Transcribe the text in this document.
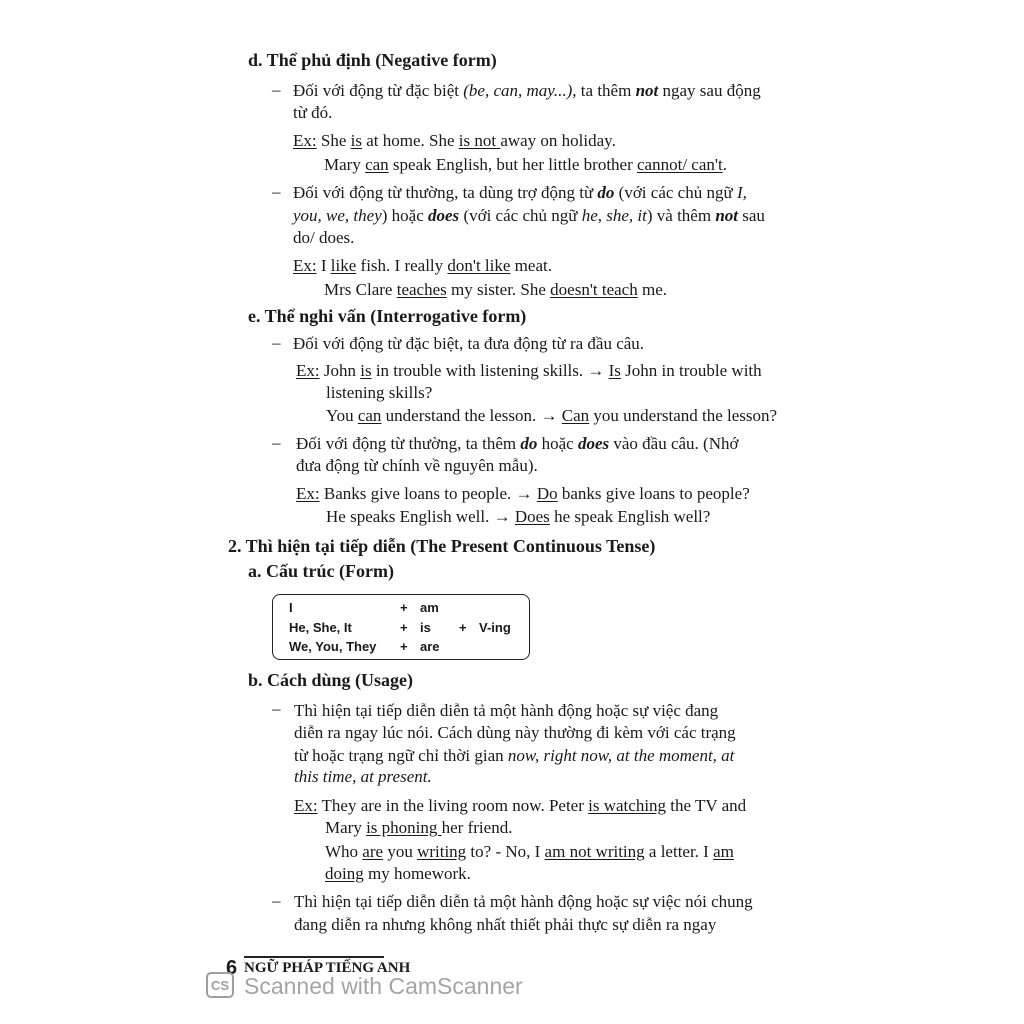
d. Thể phủ định (Negative form)
– Đối với động từ đặc biệt (be, can, may...), ta thêm not ngay sau động
từ đó.
Ex: She is at home. She is not away on holiday.
Mary can speak English, but her little brother cannot/ can't.
– Đối với động từ thường, ta dùng trợ động từ do (với các chủ ngữ I,
you, we, they) hoặc does (với các chủ ngữ he, she, it) và thêm not sau
do/ does.
Ex: I like fish. I really don't like meat.
Mrs Clare teaches my sister. She doesn't teach me.
e. Thể nghi vấn (Interrogative form)
– Đối với động từ đặc biệt, ta đưa động từ ra đầu câu.
Ex: John is in trouble with listening skills. → Is John in trouble with
listening skills?
You can understand the lesson. → Can you understand the lesson?
– Đối với động từ thường, ta thêm do hoặc does vào đầu câu. (Nhớ
đưa động từ chính về nguyên mẫu).
Ex: Banks give loans to people. → Do banks give loans to people?
He speaks English well. → Does he speak English well?
2. Thì hiện tại tiếp diễn (The Present Continuous Tense)
a. Cấu trúc (Form)
I	+ am
He, She, It	+ is + V-ing
We, You, They + are
b. Cách dùng (Usage)
– Thì hiện tại tiếp diễn diễn tả một hành động hoặc sự việc đang
diễn ra ngay lúc nói. Cách dùng này thường đi kèm với các trạng
từ hoặc trạng ngữ chỉ thời gian now, right now, at the moment, at
this time, at present.
Ex: They are in the living room now. Peter is watching the TV and
Mary is phoning her friend.
Who are you writing to? - No, I am not writing a letter. I am
doing my homework.
– Thì hiện tại tiếp diễn diễn tả một hành động hoặc sự việc nói chung
đang diễn ra nhưng không nhất thiết phải thực sự diễn ra ngay
6 NGỮ PHÁP TIẾNG ANH
CS Scanned with CamScanner
